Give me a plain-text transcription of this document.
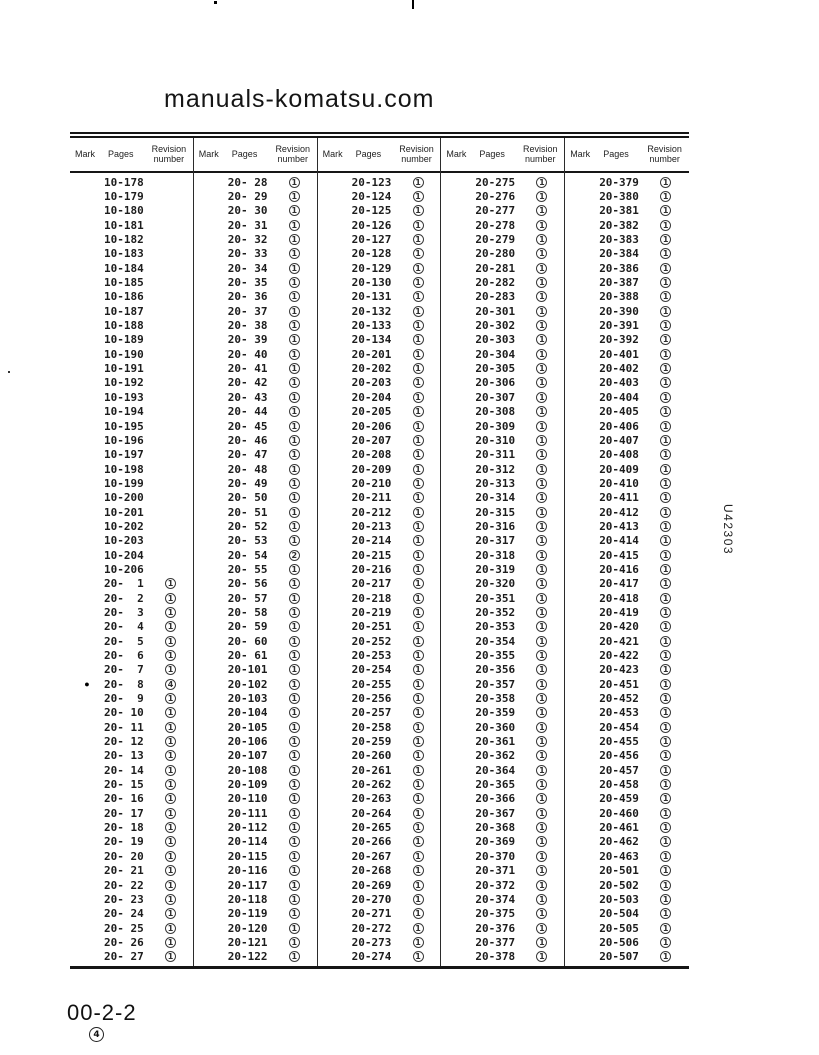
manuals-komatsu.com
Mark	Pages	Revision
number
10-178
10-179
10-180
10-181
10-182
10-183
10-184
10-185
10-186
10-187
10-188
10-189
10-190
10-191
10-192
10-193
10-194
10-195
10-196
10-197
10-198
10-199
10-200
10-201
10-202
10-203
10-204
10-206
20-  1	1
20-  2	1
20-  3	1
20-  4	1
20-  5	1
20-  6	1
20-  7	1
●	20-  8	4
20-  9	1
20- 10	1
20- 11	1
20- 12	1
20- 13	1
20- 14	1
20- 15	1
20- 16	1
20- 17	1
20- 18	1
20- 19	1
20- 20	1
20- 21	1
20- 22	1
20- 23	1
20- 24	1
20- 25	1
20- 26	1
20- 27	1
Mark	Pages	Revision
number
20- 28	1
20- 29	1
20- 30	1
20- 31	1
20- 32	1
20- 33	1
20- 34	1
20- 35	1
20- 36	1
20- 37	1
20- 38	1
20- 39	1
20- 40	1
20- 41	1
20- 42	1
20- 43	1
20- 44	1
20- 45	1
20- 46	1
20- 47	1
20- 48	1
20- 49	1
20- 50	1
20- 51	1
20- 52	1
20- 53	1
20- 54	2
20- 55	1
20- 56	1
20- 57	1
20- 58	1
20- 59	1
20- 60	1
20- 61	1
20-101	1
20-102	1
20-103	1
20-104	1
20-105	1
20-106	1
20-107	1
20-108	1
20-109	1
20-110	1
20-111	1
20-112	1
20-114	1
20-115	1
20-116	1
20-117	1
20-118	1
20-119	1
20-120	1
20-121	1
20-122	1
Mark	Pages	Revision
number
20-123	1
20-124	1
20-125	1
20-126	1
20-127	1
20-128	1
20-129	1
20-130	1
20-131	1
20-132	1
20-133	1
20-134	1
20-201	1
20-202	1
20-203	1
20-204	1
20-205	1
20-206	1
20-207	1
20-208	1
20-209	1
20-210	1
20-211	1
20-212	1
20-213	1
20-214	1
20-215	1
20-216	1
20-217	1
20-218	1
20-219	1
20-251	1
20-252	1
20-253	1
20-254	1
20-255	1
20-256	1
20-257	1
20-258	1
20-259	1
20-260	1
20-261	1
20-262	1
20-263	1
20-264	1
20-265	1
20-266	1
20-267	1
20-268	1
20-269	1
20-270	1
20-271	1
20-272	1
20-273	1
20-274	1
Mark	Pages	Revision
number
20-275	1
20-276	1
20-277	1
20-278	1
20-279	1
20-280	1
20-281	1
20-282	1
20-283	1
20-301	1
20-302	1
20-303	1
20-304	1
20-305	1
20-306	1
20-307	1
20-308	1
20-309	1
20-310	1
20-311	1
20-312	1
20-313	1
20-314	1
20-315	1
20-316	1
20-317	1
20-318	1
20-319	1
20-320	1
20-351	1
20-352	1
20-353	1
20-354	1
20-355	1
20-356	1
20-357	1
20-358	1
20-359	1
20-360	1
20-361	1
20-362	1
20-364	1
20-365	1
20-366	1
20-367	1
20-368	1
20-369	1
20-370	1
20-371	1
20-372	1
20-374	1
20-375	1
20-376	1
20-377	1
20-378	1
Mark	Pages	Revision
number
20-379	1
20-380	1
20-381	1
20-382	1
20-383	1
20-384	1
20-386	1
20-387	1
20-388	1
20-390	1
20-391	1
20-392	1
20-401	1
20-402	1
20-403	1
20-404	1
20-405	1
20-406	1
20-407	1
20-408	1
20-409	1
20-410	1
20-411	1
20-412	1
20-413	1
20-414	1
20-415	1
20-416	1
20-417	1
20-418	1
20-419	1
20-420	1
20-421	1
20-422	1
20-423	1
20-451	1
20-452	1
20-453	1
20-454	1
20-455	1
20-456	1
20-457	1
20-458	1
20-459	1
20-460	1
20-461	1
20-462	1
20-463	1
20-501	1
20-502	1
20-503	1
20-504	1
20-505	1
20-506	1
20-507	1
U42303
00-2-2
4
